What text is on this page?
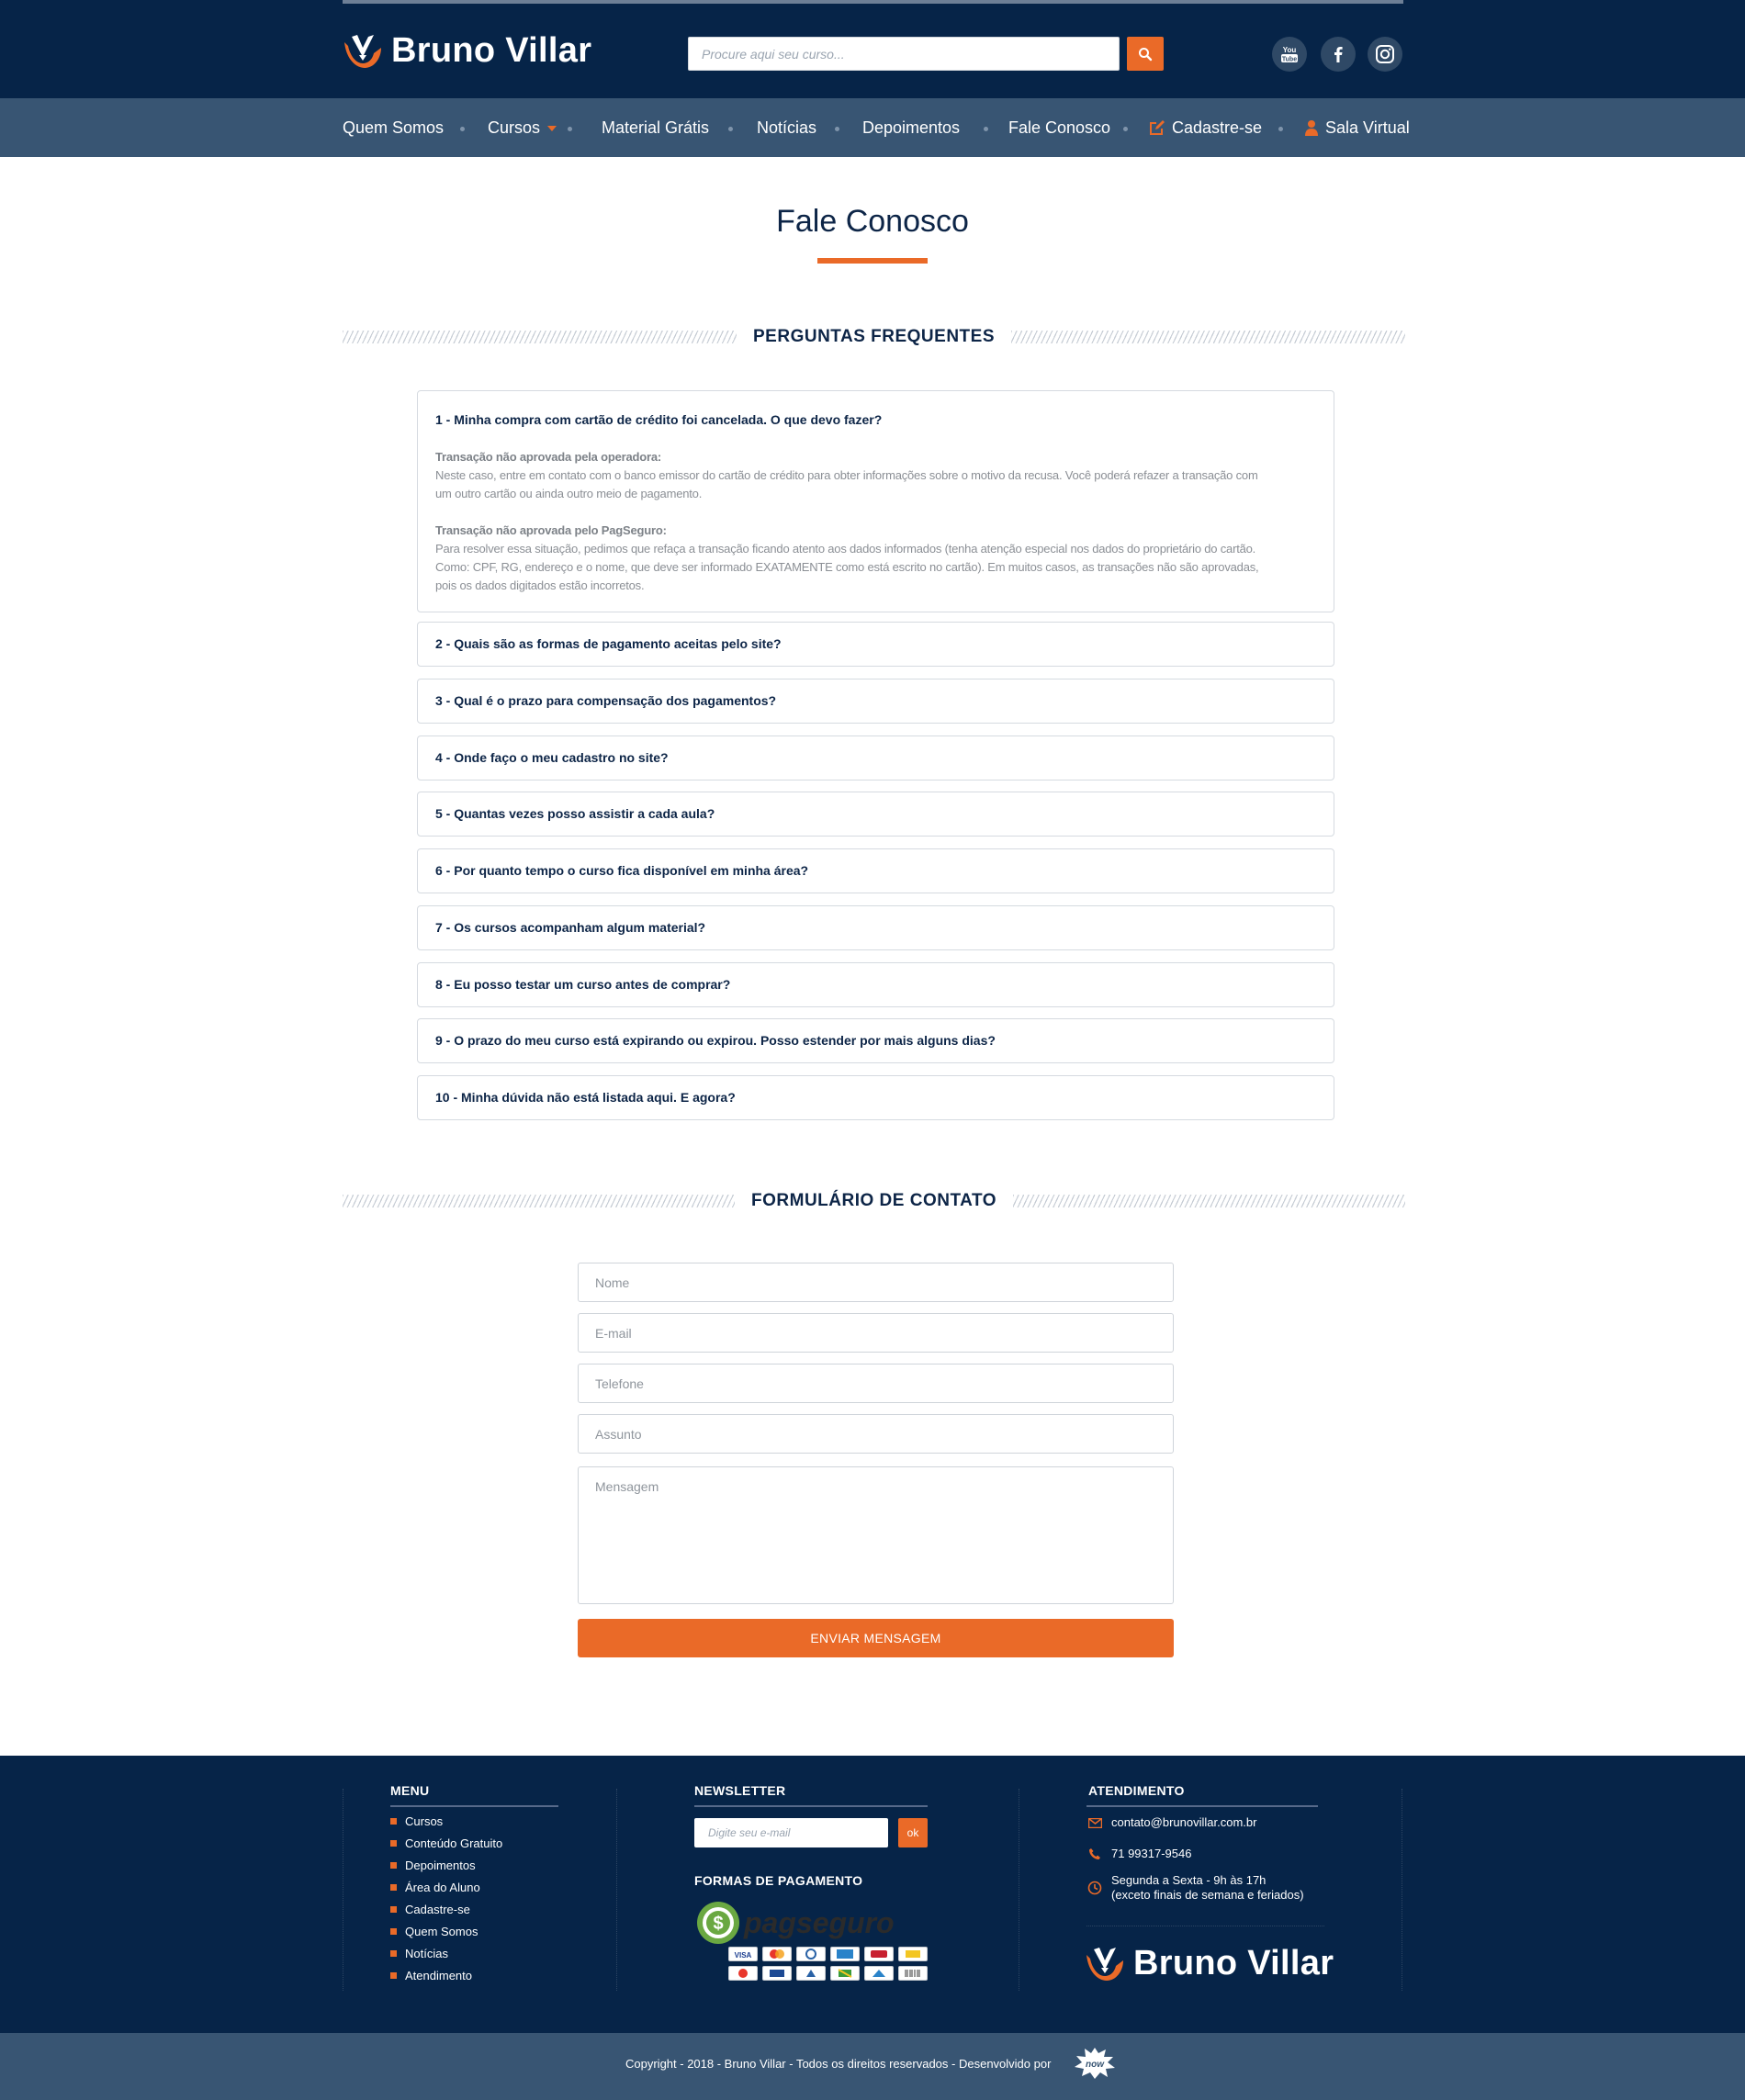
Bruno Villar	Procure aqui seu curso...	You
Tube
Quem Somos	Cursos	Material Grátis	Notícias	Depoimentos	Fale Conosco	Cadastre-se	Sala Virtual
Fale Conosco
PERGUNTAS FREQUENTES
1 - Minha compra com cartão de crédito foi cancelada. O que devo fazer?

Transação não aprovada pela operadora:

Neste caso, entre em contato com o banco emissor do cartão de crédito para obter informações sobre o motivo da recusa. Você poderá refazer a transação com

um outro cartão ou ainda outro meio de pagamento.

Transação não aprovada pelo PagSeguro:

Para resolver essa situação, pedimos que refaça a transação ficando atento aos dados informados (tenha atenção especial nos dados do proprietário do cartão.

Como: CPF, RG, endereço e o nome, que deve ser informado EXATAMENTE como está escrito no cartão). Em muitos casos, as transações não são aprovadas,

pois os dados digitados estão incorretos.

2 - Quais são as formas de pagamento aceitas pelo site?
3 - Qual é o prazo para compensação dos pagamentos?
4 - Onde faço o meu cadastro no site?
5 - Quantas vezes posso assistir a cada aula?
6 - Por quanto tempo o curso fica disponível em minha área?
7 - Os cursos acompanham algum material?
8 - Eu posso testar um curso antes de comprar?
9 - O prazo do meu curso está expirando ou expirou. Posso estender por mais alguns dias?
10 - Minha dúvida não está listada aqui. E agora?
FORMULÁRIO DE CONTATO
Nome
E-mail
Telefone
Assunto
Mensagem
ENVIAR MENSAGEM
MENU
Cursos
Conteúdo Gratuito
Depoimentos
Área do Aluno
Cadastre-se
Quem Somos
Notícias
Atendimento
NEWSLETTER
Digite seu e-mail	ok
FORMAS DE PAGAMENTO
$ pagseguro
VISA
ATENDIMENTO
contato@brunovillar.com.br
71 99317-9546
Segunda a Sexta - 9h às 17h
(exceto finais de semana e feriados)
Bruno Villar
Copyright - 2018 - Bruno Villar - Todos os direitos reservados - Desenvolvido por	now
